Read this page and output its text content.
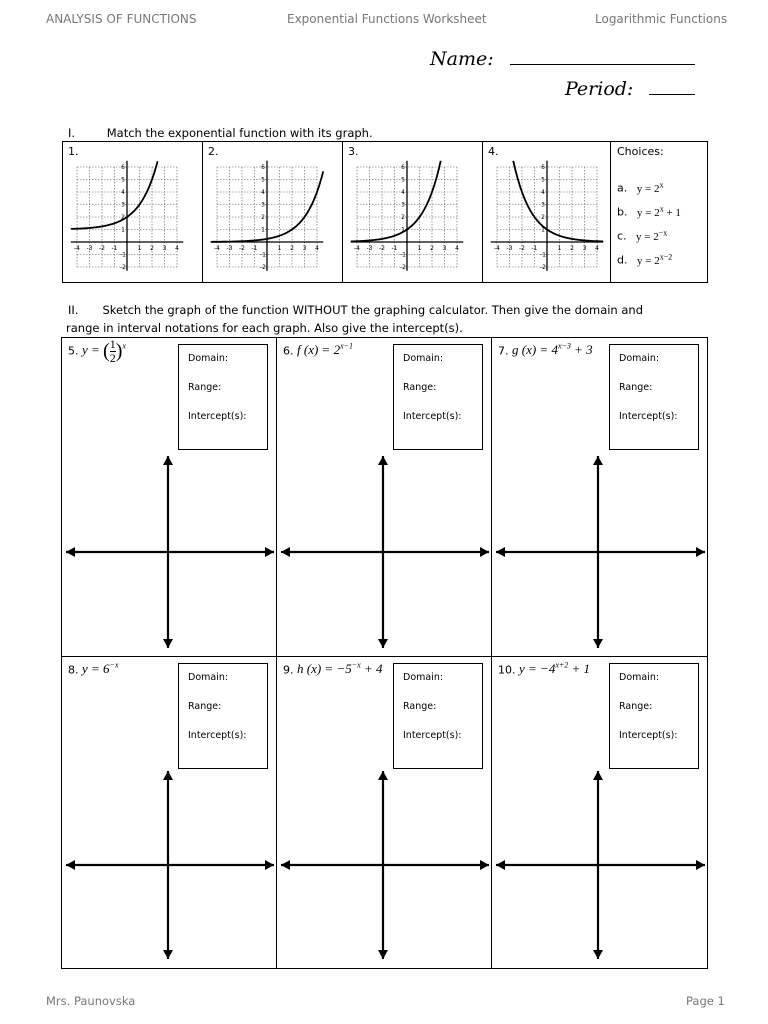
ANALYSIS OF FUNCTIONS	Exponential Functions Worksheet	Logarithmic Functions
Name:
Period:
I.	Match the exponential function with its graph.
1.
-4 -3 -2 -1	1 2 3 4
6
5
4
3
2
1
-1
-2
2.
-4 -3 -2 -1	1 2 3 4
6
5
4
3
2
1
-1
-2
3.
-4 -3 -2 -1	1 2 3 4
6
5
4
3
2
1
-1
-2
4.
-4 -3 -2 -1	1 2 3 4
6
5
4
3
2
1
-1
-2
Choices:
a. $y = 2^x$
b. $y = 2^x + 1$
c. $y = 2^{-x}$
d. $y = 2^{x-2}$
II. Sketch the graph of the function WITHOUT the graphing calculator. Then give the domain and
range in interval notations for each graph. Also give the intercept(s).
5. y = ( $\frac{1}{2} )^x$
Domain:
Range:
Intercept(s):
6. f $(x) = 2^{x-1}$
Domain:
Range:
Intercept(s):
7. g $(x) = 4^{x-3} + 3$
Domain:
Range:
Intercept(s):
8. $y = 6^{-x}$
Domain:
Range:
Intercept(s):
9. h $(x) = -5^{-x} + 4$
Domain:
Range:
Intercept(s):
10. $y = -4^{x+2} + 1$
Domain:
Range:
Intercept(s):
Mrs. Paunovska	Page 1
